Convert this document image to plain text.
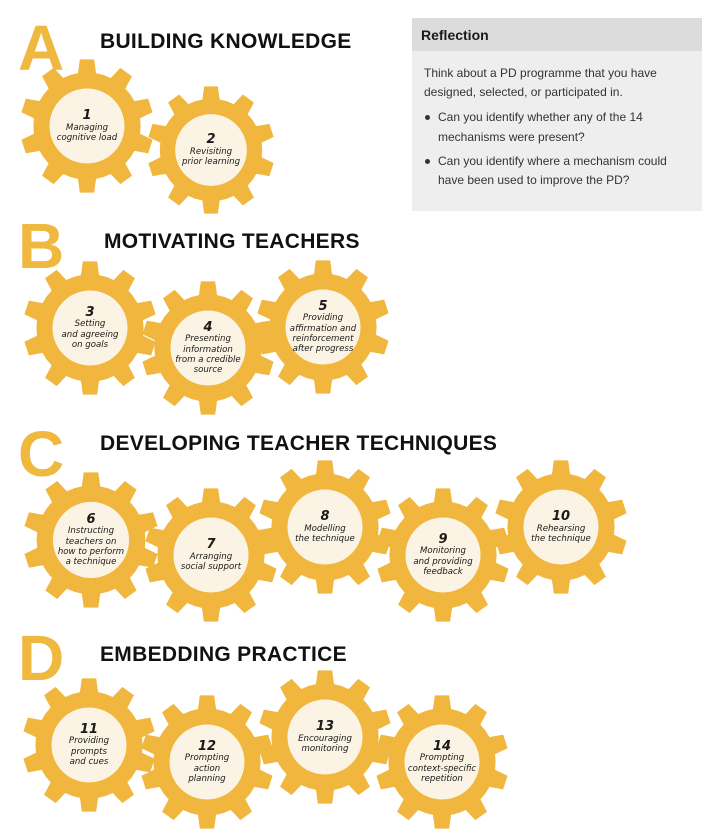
A BUILDING KNOWLEDGE
B MOTIVATING TEACHERS
C DEVELOPING TEACHER TECHNIQUES
D EMBEDDING PRACTICE
1
Managing
cognitive load	2
Revisiting
prior learning
3
Setting
and agreeing
on goals
4
Presenting
information
from a credible
source
5
Providing
affirmation and
reinforcement
after progress
6
Instructing
teachers on
how to perform
a technique
7
Arranging
social support
8
Modelling
the technique	9
Monitoring
and providing
feedback
10
Rehearsing
the technique
11
Providing
prompts
and cues
12
Prompting
action
planning
13
Encouraging
monitoring	14
Prompting
context-specific
repetition
Reflection
Think about a PD programme that you have designed, selected, or participated in.
Can you identify whether any of the 14 mechanisms were present?
Can you identify where a mechanism could have been used to improve the PD?
